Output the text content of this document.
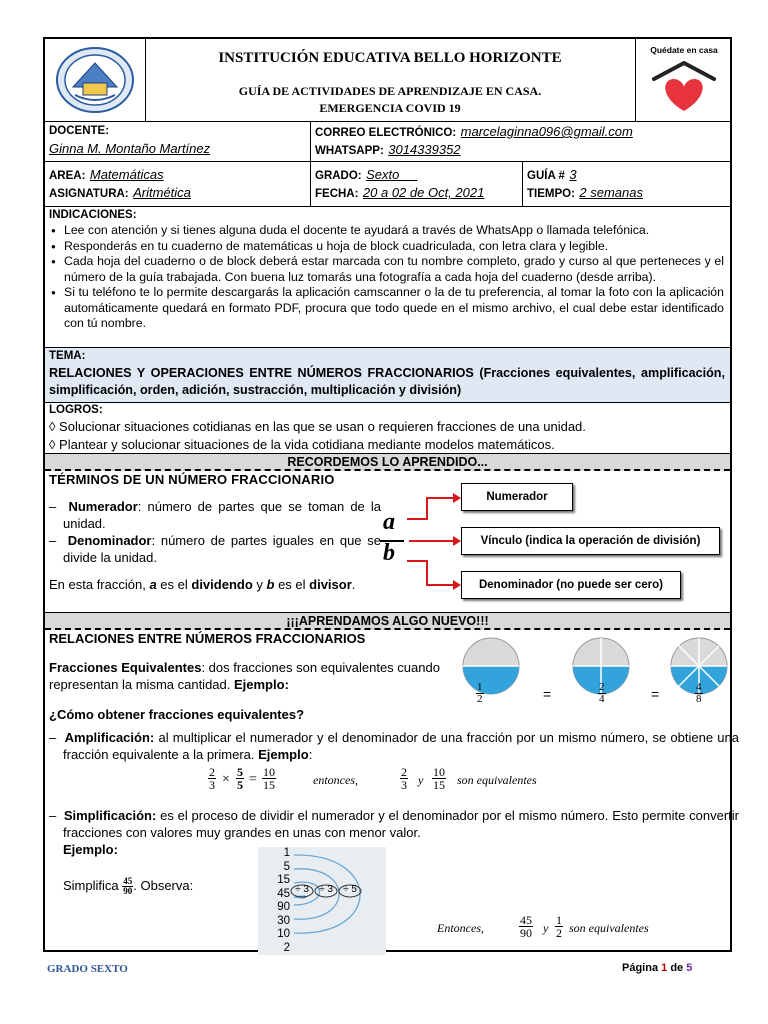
INSTITUCIÓN EDUCATIVA BELLO HORIZONTE
GUÍA DE ACTIVIDADES DE APRENDIZAJE EN CASA.
EMERGENCIA COVID 19
Quédate en casa
DOCENTE:
Ginna M. Montaño Martínez
CORREO ELECTRÓNICO: marcelaginna096@gmail.com
WHATSAPP: 3014339352
AREA: Matemáticas
ASIGNATURA: Aritmética
GRADO: Sexto __
FECHA: 20 a 02 de Oct, 2021
GUÍA # 3
TIEMPO: 2 semanas
INDICACIONES:
● Lee con atención y si tienes alguna duda el docente te ayudará a través de WhatsApp o llamada telefónica.
● Responderás en tu cuaderno de matemáticas u hoja de block cuadriculada, con letra clara y legible.
● Cada hoja del cuaderno o de block deberá estar marcada con tu nombre completo, grado y curso al que perteneces y el número de la guía trabajada. Con buena luz tomarás una fotografía a cada hoja del cuaderno (desde arriba).
● Si tu teléfono te lo permite descargarás la aplicación camscanner o la de tu preferencia, al tomar la foto con la aplicación automáticamente quedará en formato PDF, procura que todo quede en el mismo archivo, el cual debe estar identificado con tú nombre.
TEMA:
RELACIONES Y OPERACIONES ENTRE NÚMEROS FRACCIONARIOS (Fracciones equivalentes, amplificación, simplificación, orden, adición, sustracción, multiplicación y división)
LOGROS:
◊ Solucionar situaciones cotidianas en las que se usan o requieren fracciones de una unidad.
◊ Plantear y solucionar situaciones de la vida cotidiana mediante modelos matemáticos.
RECORDEMOS LO APRENDIDO...
TÉRMINOS DE UN NÚMERO FRACCIONARIO
–  Numerador: número de partes que se toman de la unidad.
–  Denominador: número de partes iguales en que se divide la unidad.
En esta fracción, a es el dividendo y b es el divisor.
a
b
Numerador
Vínculo (indica la operación de división)
Denominador (no puede ser cero)
¡¡¡APRENDAMOS ALGO NUEVO!!!
RELACIONES ENTRE NÚMEROS FRACCIONARIOS
Fracciones Equivalentes: dos fracciones son equivalentes cuando representan la misma cantidad. Ejemplo:	$\frac{1}{2}$	=	$\frac{2}{4}$	=	$\frac{4}{8}$
¿Cómo obtener fracciones equivalentes?
–  Amplificación: al multiplicar el numerador y el denominador de una fracción por un mismo número, se obtiene una fracción equivalente a la primera. Ejemplo:
$\frac{2}{3} \times \frac{5}{5} = \frac{10}{15}$	entonces,	$\frac{2}{3}$ y $\frac{10}{15}$ son equivalentes
–  Simplificación: es el proceso de dividir el numerador y el denominador por el mismo número. Esto permite convertir fracciones con valores muy grandes en unas con menor valor.
Ejemplo:
Simplifica $\frac{45}{90}$ . Observa:
1
5
15
45
90
30
10
2
÷ 3	÷ 3	÷ 5
Entonces,	$\frac{45}{90}$ y $\frac{1}{2}$ son equivalentes
GRADO SEXTO	Página 1 de 5
